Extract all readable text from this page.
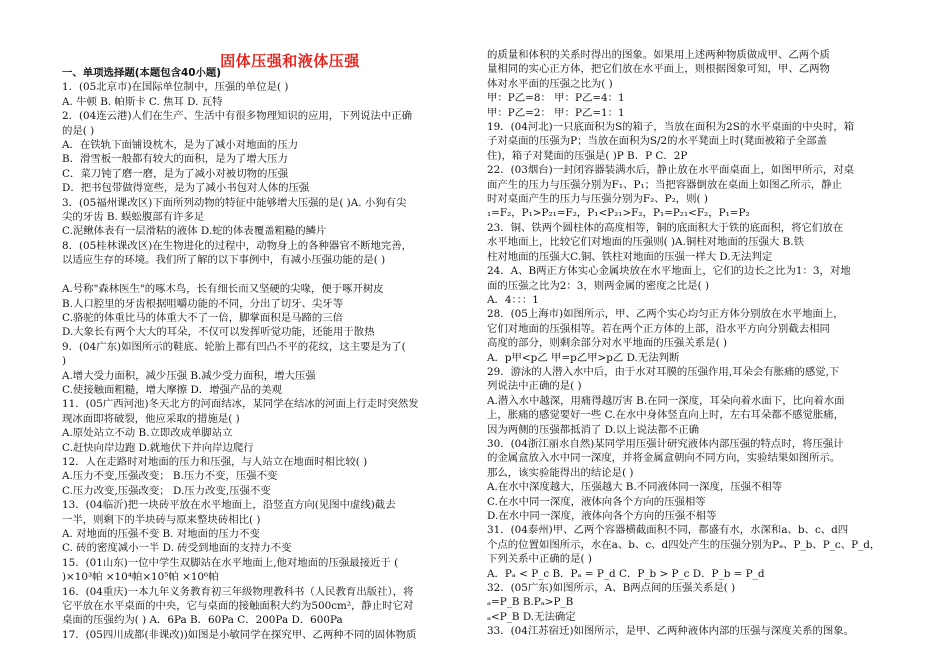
固体压强和液体压强
一、单项选择题(本题包含40小题)
1．(05北京市)在国际单位制中，压强的单位是( )
A. 牛顿 B. 帕斯卡 C. 焦耳 D. 瓦特
2．(04连云港)人们在生产、生活中有很多物理知识的应用，下列说法中正确
的是( )
A．在铁轨下面铺设枕木，是为了减小对地面的压力
B．滑雪板一般都有较大的面积，是为了增大压力
C．菜刀钝了磨一磨，是为了减小对被切物的压强
D．把书包带做得宽些，是为了减小书包对人体的压强
3．(05福州课改区)下面所列动物的特征中能够增大压强的是( )A. 小狗有尖
尖的牙齿 B. 蜈蚣腹部有许多足
C.泥鳅体表有一层滑粘的液体 D.蛇的体表覆盖粗糙的鳞片
8．(05桂林课改区)在生物进化的过程中，动物身上的各种器官不断地完善，
以适应生存的环境。我们所了解的以下事例中，有减小压强功能的是( )

A.号称"森林医生"的啄木鸟，长有细长而又坚硬的尖喙，便于啄开树皮
B.人口腔里的牙齿根据咀嚼功能的不同，分出了切牙、尖牙等
C.骆驼的体重比马的体重大不了一倍，脚掌面积是马蹄的三倍
D.大象长有两个大大的耳朵，不仅可以发挥听觉功能，还能用于散热
9．(04广东)如图所示的鞋底、轮胎上都有凹凸不平的花纹，这主要是为了(
)
A.增大受力面积，减少压强 B.减少受力面积，增大压强
C.使接触面粗糙，增大摩擦 D．增强产品的美观
11．(05广西河池)冬天北方的河面结冰，某同学在结冰的河面上行走时突然发
现冰面即将破裂，他应采取的措施是( )
A.原处站立不动 B.立即改成单脚站立
C.赶快向岸边跑 D.就地伏下并向岸边爬行
12．人在走路时对地面的压力和压强，与人站立在地面时相比较( )
A.压力不变,压强改变； B.压力不变，压强不变
C.压力改变,压强改变； D.压力改变,压强不变
13．(04临沂)把一块砖平放在水平地面上，沿竖直方向(见图中虚线)截去
一半，则剩下的半块砖与原来整块砖相比( )
A. 对地面的压强不变 B. 对地面的压力不变
C. 砖的密度减小一半 D. 砖受到地面的支持力不变
15．(01山东)一位中学生双脚站在水平地面上,他对地面的压强最接近于 (
)×10³帕 ×10⁴帕×10⁵帕 ×10⁶帕
16．(04重庆)一本九年义务教育初三年级物理教科书（人民教育出版社），将
它平放在水平桌面的中央，它与桌面的接触面积大约为500cm²，静止时它对
桌面的压强约为( ) A．6Pa B．60Pa C．200Pa D．600Pa
17．(05四川成都(非课改))如图是小敏同学在探究甲、乙两种不同的固体物质
的质量和体积的关系时得出的图象。如果用上述两种物质做成甲、乙两个质
量相同的实心正方体，把它们放在水平面上，则根据图象可知，甲、乙两物
体对水平面的压强之比为( )
甲：P乙=8： 甲：P乙=4：1
甲：P乙=2： 甲：P乙=1：1
19．(04河北)一只底面积为S的箱子，当放在面积为2S的水平桌面的中央时，箱
子对桌面的压强为P；当放在面积为S/2的水平凳面上时(凳面被箱子全部盖
住)，箱子对凳面的压强是( )P B．P C．2P
22．(03烟台)一封闭容器装满水后，静止放在水平面桌面上，如图甲所示，对桌
面产生的压力与压强分别为F₁、P₁；当把容器倒放在桌面上如图乙所示，静止
时对桌面产生的压力与压强分别为F₂、P₂，则( )
₁=F₂，P₁>P₂₁=F₂，P₁<P₂₁>F₂，P₁=P₂₁<F₂，P₁=P₂
23．铜、铁两个圆柱体的高度相等，铜的底面积大于铁的底面积，将它们放在
水平地面上，比较它们对地面的压强则( )A.铜柱对地面的压强大 B.铁
柱对地面的压强大C.铜、铁柱对地面的压强一样大 D.无法判定
24．A、B两正方体实心金属块放在水平地面上，它们的边长之比为1：3，对地
面的压强之比为2：3，则两金属的密度之比是( )
A．4：：：1
28．(05上海市)如图所示，甲、乙两个实心均匀正方体分别放在水平地面上，
它们对地面的压强相等。若在两个正方体的上部，沿水平方向分别截去相同
高度的部分，则剩余部分对水平地面的压强关系是( )
A．p甲<p乙 甲=p乙甲>p乙 D.无法判断
29．游泳的人潜入水中后，由于水对耳膜的压强作用,耳朵会有胀痛的感觉,下
列说法中正确的是( )
A.潜入水中越深，用痛得越厉害 B.在同一深度，耳朵向着水面下，比向着水面
上，胀痛的感觉要好一些 C.在水中身体竖直向上时，左右耳朵都不感觉胀痛，
因为两侧的压强都抵消了 D.以上说法都不正确
30．(04浙江丽水自然)某同学用压强计研究液体内部压强的特点时，将压强计
的金属盒放入水中同一深度，并将金属盒朝向不同方向，实验结果如图所示。
那么，该实验能得出的结论是( )
A.在水中深度越大，压强越大 B.不同液体同一深度，压强不相等
C.在水中同一深度，液体向各个方向的压强相等
D.在水中同一深度，液体向各个方向的压强不相等
31．(04泰州)甲、乙两个容器横截面积不同，都盛有水，水深和a、b、c、d四
个点的位置如图所示，水在a、b、c、d四处产生的压强分别为Pₐ、P_b、P_c、P_d，
下列关系中正确的是( )
A．Pₐ < P_c B．Pₐ = P_d C．P_b > P_c D．P_b = P_d
32．(05广东)如图所示，A、B两点间的压强关系是( )
ₐ=P_B B.Pₐ>P_B
ₐ<P_B D.无法确定
33．(04江苏宿迁)如图所示，是甲、乙两种液体内部的压强与深度关系的图象。
